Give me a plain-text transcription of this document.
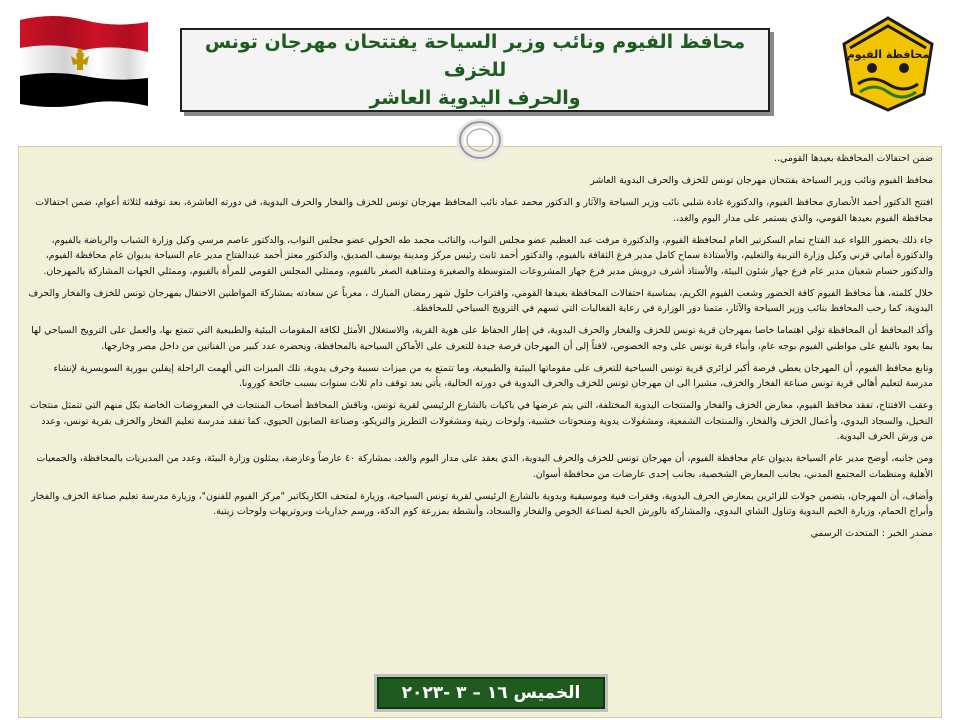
محافظة الفيوم
محافظ الفيوم ونائب وزير السياحة يفتتحان مهرجان تونس للخزف
والحرف اليدوية العاشر

ضمن احتفالات المحافظة بعيدها القومي..

محافظ الفيوم ونائب وزير السياحة يفتتحان مهرجان تونس للخزف والحرف اليدوية العاشر

افتتح الدكتور أحمد الأنصاري محافظ الفيوم، والدكتورة غادة شلبي نائب وزير السياحة والآثار و الدكتور محمد عماد نائب المحافظ مهرجان تونس للخزف والفخار والحرف اليدوية، في دورته العاشرة، بعد توقفه لثلاثة أعوام، ضمن احتفالات محافظة الفيوم بعيدها القومي، والذي يستمر على مدار اليوم والغد،.

جاء ذلك بحضور اللواء عبد الفتاح تمام السكرتير العام لمحافظة الفيوم، والدكتورة مرفت عبد العظيم عضو مجلس النواب، والنائب محمد طه الخولي عضو مجلس النواب، والدكتور عاصم مرسي وكيل وزارة الشباب والرياضة بالفيوم، والدكتورة أماني قرني وكيل وزارة التربية والتعليم، والأستاذة سماح كامل مدير فرع الثقافة بالفيوم، والدكتور أحمد ثابت رئيس مركز ومدينة يوسف الصديق، والدكتور معتز أحمد عبدالفتاح مدير عام السياحة بديوان عام محافظة الفيوم، والدكتور حسام شعبان مدير عام فرع جهاز شئون البيئة، والأستاذ أشرف درويش مدير فرع جهاز المشروعات المتوسطة والصغيرة ومتناهية الصغر بالفيوم، وممثلي المجلس القومي للمرأة بالفيوم، وممثلي الجهات المشاركة بالمهرجان.

خلال كلمته، هنأ محافظ الفيوم كافة الحضور وشعب الفيوم الكريم، بمناسبة احتفالات المحافظة بعيدها القومي، واقتراب حلول شهر رمضان المبارك ، معرباً عن سعادته بمشاركة المواطنين الاحتفال بمهرجان تونس للخزف والفخار والحرف اليدوية، كما رحب المحافظ بنائب وزير السياحة والآثار، متمنا دور الوزارة في رعاية الفعاليات التي تسهم في الترويج السياحي للمحافظة.

وأكد المحافظ أن المحافظة تولي اهتماما خاصا بمهرجان قرية تونس للخزف والفخار والحرف اليدوية، في إطار الحفاظ على هوية القرية، والاستغلال الأمثل لكافة المقومات البيئية والطبيعية التي تتمتع بها، والعمل على الترويج السياحي لها بما يعود بالنفع على مواطني الفيوم بوجه عام، وأبناء قرية تونس على وجه الخصوص، لافتاً إلى أن المهرجان فرصة جيدة للتعرف على الأماكن السياحية بالمحافظة، ويحضره عدد كبير من الفنانين من داخل مصر وخارجها.

وتابع محافظ الفيوم، أن المهرجان يعطي فرصة أكبر لزائري قرية تونس السياحية للتعرف على مقوماتها البيئية والطبيعية، وما تتمتع به من ميزات نسبية وحرف يدوية، تلك الميزات التي ألهمت الراحلة إيفلين بيورية السويسرية لإنشاء مدرسة لتعليم أهالي قرية تونس صناعة الفخار والخزف، مشيرا الى ان مهرجان تونس للخزف والحرف اليدوية في دورته الحالية، يأتي بعد توقف دام ثلاث سنوات بسبب جائحة كورونا.

وعقب الافتتاح، تفقد محافظ الفيوم، معارض الخزف والفخار والمنتجات اليدوية المختلفة، التي يتم عرضها في باكيات بالشارع الرئيسي لقرية تونس، وناقش المحافظ أصحاب المنتجات في المعروضات الخاصة بكل منهم التي تتمثل منتجات النخيل، والسجاد اليدوي، وأعمال الخزف والفخار، والمنتجات الشمعية، ومشغولات يدوية ومنحوتات خشبية، ولوحات زيتية ومشغولات التطريز والتريكو، وصناعة الصابون الحيوي، كما تفقد مدرسة تعليم الفخار والخزف بقرية تونس، وعدد من ورش الحرف اليدوية.

ومن جانبه، أوضح مدير عام السياحة بديوان عام محافظة الفيوم، أن مهرجان تونس للخزف والحرف اليدوية، الذي يعقد على مدار اليوم والغد، بمشاركة ٤٠ عارضاً وعارضة، يمثلون وزارة البيئة، وعدد من المديريات بالمحافظة، والجمعيات الأهلية ومنظمات المجتمع المدني، بجانب المعارض الشخصية، بجانب إحدى عارضات من محافظة أسوان.

وأضاف، أن المهرجان، يتضمن جولات للزائرين بمعارض الحرف اليدوية، وفقرات فنية وموسيقية وبدوية بالشارع الرئيسي لقرية تونس السياحية، وزيارة لمتحف الكاريكاتير "مركز الفيوم للفنون"، وزيارة مدرسة تعليم صناعة الخزف والفخار وأبراج الحمام، وزيارة الخيم البدوية وتناول الشاي البدوي، والمشاركة بالورش الحية لصناعة الخوص والفخار والسجاد، وأنشطة بمزرعة كوم الدكة، ورسم جداريات وبروتريهات ولوحات زيتية.

مصدر الخبر : المتحدث الرسمي

الخميس ١٦ – ٣ -٢٠٢٣
